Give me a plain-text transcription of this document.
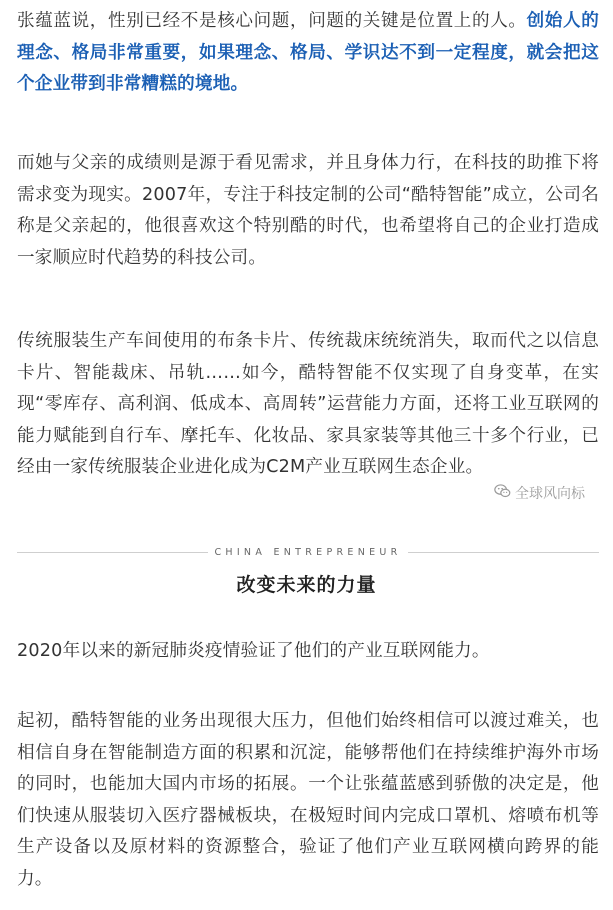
张蕴蓝说，性别已经不是核心问题，问题的关键是位置上的人。创始人的理念、格局非常重要，如果理念、格局、学识达不到一定程度，就会把这个企业带到非常糟糕的境地。

而她与父亲的成绩则是源于看见需求，并且身体力行，在科技的助推下将需求变为现实。2007年，专注于科技定制的公司“酷特智能”成立，公司名称是父亲起的，他很喜欢这个特别酷的时代，也希望将自己的企业打造成一家顺应时代趋势的科技公司。

传统服装生产车间使用的布条卡片、传统裁床统统消失，取而代之以信息卡片、智能裁床、吊轨……如今，酷特智能不仅实现了自身变革，在实现“零库存、高利润、低成本、高周转”运营能力方面，还将工业互联网的能力赋能到自行车、摩托车、化妆品、家具家装等其他三十多个行业，已经由一家传统服装企业进化成为C2M产业互联网生态企业。

全球风向标
CHINA ENTREPRENEUR
改变未来的力量

2020年以来的新冠肺炎疫情验证了他们的产业互联网能力。

起初，酷特智能的业务出现很大压力，但他们始终相信可以渡过难关，也相信自身在智能制造方面的积累和沉淀，能够帮他们在持续维护海外市场的同时，也能加大国内市场的拓展。一个让张蕴蓝感到骄傲的决定是，他们快速从服装切入医疗器械板块，在极短时间内完成口罩机、熔喷布机等生产设备以及原材料的资源整合，验证了他们产业互联网横向跨界的能力。
